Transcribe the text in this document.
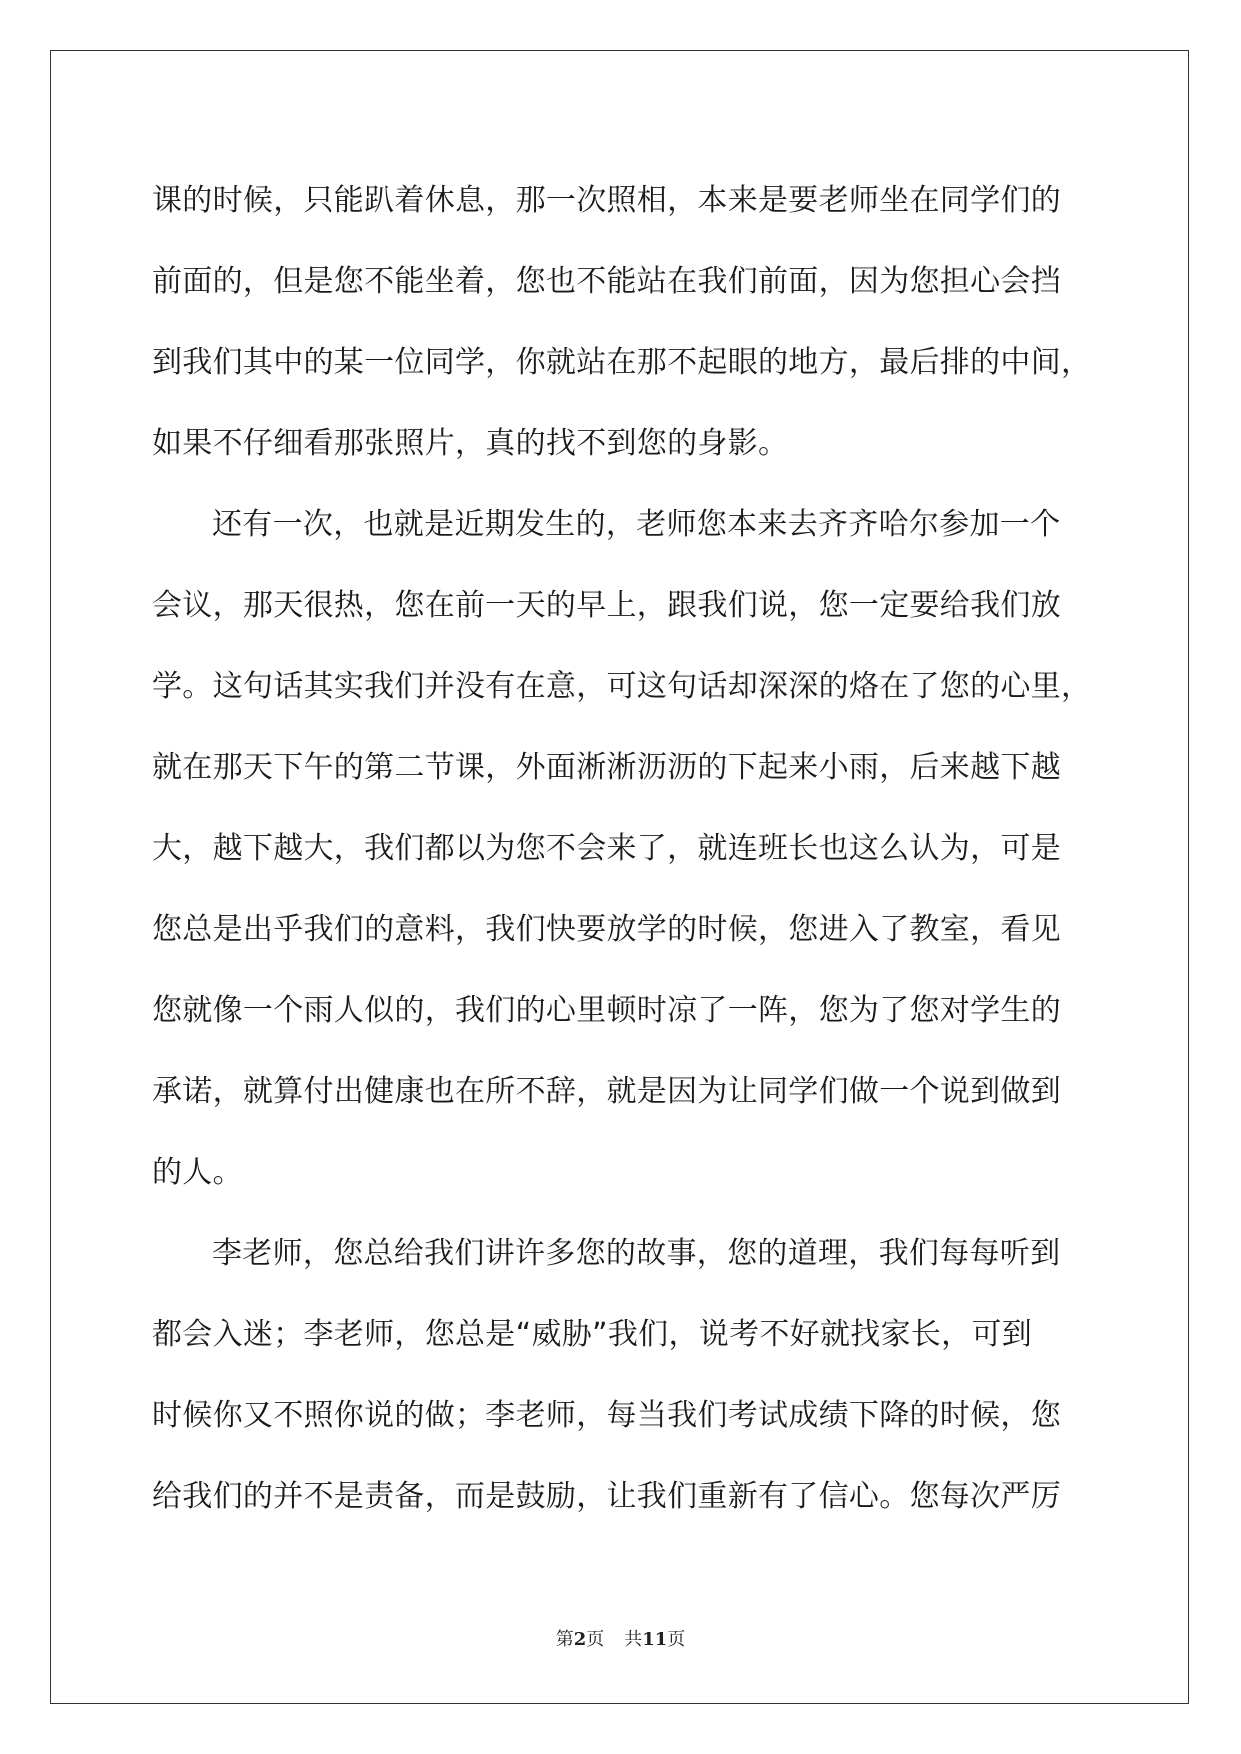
课的时候，只能趴着休息，那一次照相，本来是要老师坐在同学们的
前面的，但是您不能坐着，您也不能站在我们前面，因为您担心会挡
到我们其中的某一位同学，你就站在那不起眼的地方，最后排的中间，
如果不仔细看那张照片，真的找不到您的身影。
还有一次，也就是近期发生的，老师您本来去齐齐哈尔参加一个
会议，那天很热，您在前一天的早上，跟我们说，您一定要给我们放
学。这句话其实我们并没有在意，可这句话却深深的烙在了您的心里，
就在那天下午的第二节课，外面淅淅沥沥的下起来小雨，后来越下越
大，越下越大，我们都以为您不会来了，就连班长也这么认为，可是
您总是出乎我们的意料，我们快要放学的时候，您进入了教室，看见
您就像一个雨人似的，我们的心里顿时凉了一阵，您为了您对学生的
承诺，就算付出健康也在所不辞，就是因为让同学们做一个说到做到
的人。
李老师，您总给我们讲许多您的故事，您的道理，我们每每听到
都会入迷；李老师，您总是“威胁”我们，说考不好就找家长，可到
时候你又不照你说的做；李老师，每当我们考试成绩下降的时候，您
给我们的并不是责备，而是鼓励，让我们重新有了信心。您每次严厉
第2页 共11页
